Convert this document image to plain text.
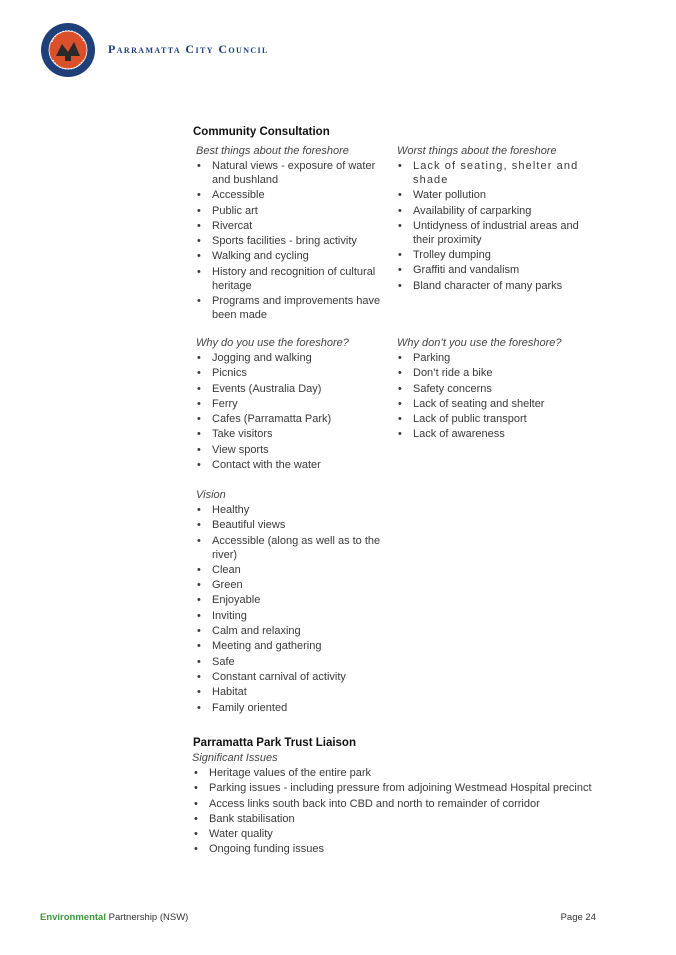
Parramatta City Council
Community Consultation

Best things about the foreshore

• Natural views - exposure of water and bushland
• Accessible
• Public art
• Rivercat
• Sports facilities - bring activity
• Walking and cycling
• History and recognition of cultural heritage
• Programs and improvements have been made

Worst things about the foreshore

• Lack of seating, shelter and shade
• Water pollution
• Availability of carparking
• Untidyness of industrial areas and their proximity
• Trolley dumping
• Graffiti and vandalism
• Bland character of many parks

Why do you use the foreshore?

• Jogging and walking
• Picnics
• Events (Australia Day)
• Ferry
• Cafes (Parramatta Park)
• Take visitors
• View sports
• Contact with the water

Why don’t you use the foreshore?

• Parking
• Don’t ride a bike
• Safety concerns
• Lack of seating and shelter
• Lack of public transport
• Lack of awareness

Vision

• Healthy
• Beautiful views
• Accessible (along as well as to the river)
• Clean
• Green
• Enjoyable
• Inviting
• Calm and relaxing
• Meeting and gathering
• Safe
• Constant carnival of activity
• Habitat
• Family oriented
Parramatta Park Trust Liaison

Significant Issues

• Heritage values of the entire park
• Parking issues - including pressure from adjoining Westmead Hospital precinct
• Access links south back into CBD and north to remainder of corridor
• Bank stabilisation
• Water quality
• Ongoing funding issues
Environmental Partnership (NSW)	Page 24
